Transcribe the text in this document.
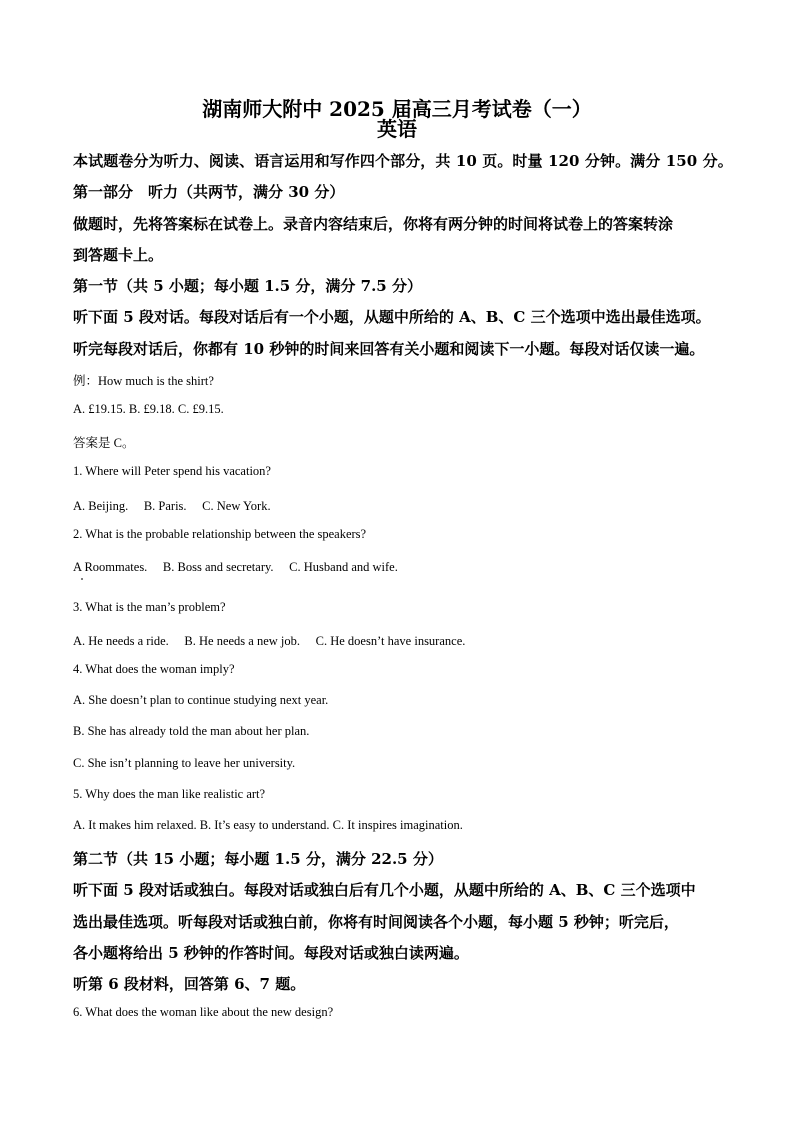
湖南师大附中 2025 届高三月考试卷（一）
英语
本试题卷分为听力、阅读、语言运用和写作四个部分，共 10 页。时量 120 分钟。满分 150 分。
第一部分　听力（共两节，满分 30 分）
做题时，先将答案标在试卷上。录音内容结束后，你将有两分钟的时间将试卷上的答案转涂
到答题卡上。
第一节（共 5 小题；每小题 1.5 分，满分 7.5 分）
听下面 5 段对话。每段对话后有一个小题，从题中所给的 A、B、C 三个选项中选出最佳选项。
听完每段对话后，你都有 10 秒钟的时间来回答有关小题和阅读下一小题。每段对话仅读一遍。
例：How much is the shirt?
A. £19.15. B. £9.18. C. £9.15.
答案是 C。
1. Where will Peter spend his vacation?
A. Beijing.　 B. Paris.　 C. New York.
2. What is the probable relationship between the speakers?
A Roommates.　 B. Boss and secretary.　 C. Husband and wife.
3. What is the man’s problem?
A. He needs a ride.　 B. He needs a new job.　 C. He doesn’t have insurance.
4. What does the woman imply?
A. She doesn’t plan to continue studying next year.
B. She has already told the man about her plan.
C. She isn’t planning to leave her university.
5. Why does the man like realistic art?
A. It makes him relaxed. B. It’s easy to understand. C. It inspires imagination.
第二节（共 15 小题；每小题 1.5 分，满分 22.5 分）
听下面 5 段对话或独白。每段对话或独白后有几个小题，从题中所给的 A、B、C 三个选项中
选出最佳选项。听每段对话或独白前，你将有时间阅读各个小题，每小题 5 秒钟；听完后，
各小题将给出 5 秒钟的作答时间。每段对话或独白读两遍。
听第 6 段材料，回答第 6、7 题。
6. What does the woman like about the new design?
